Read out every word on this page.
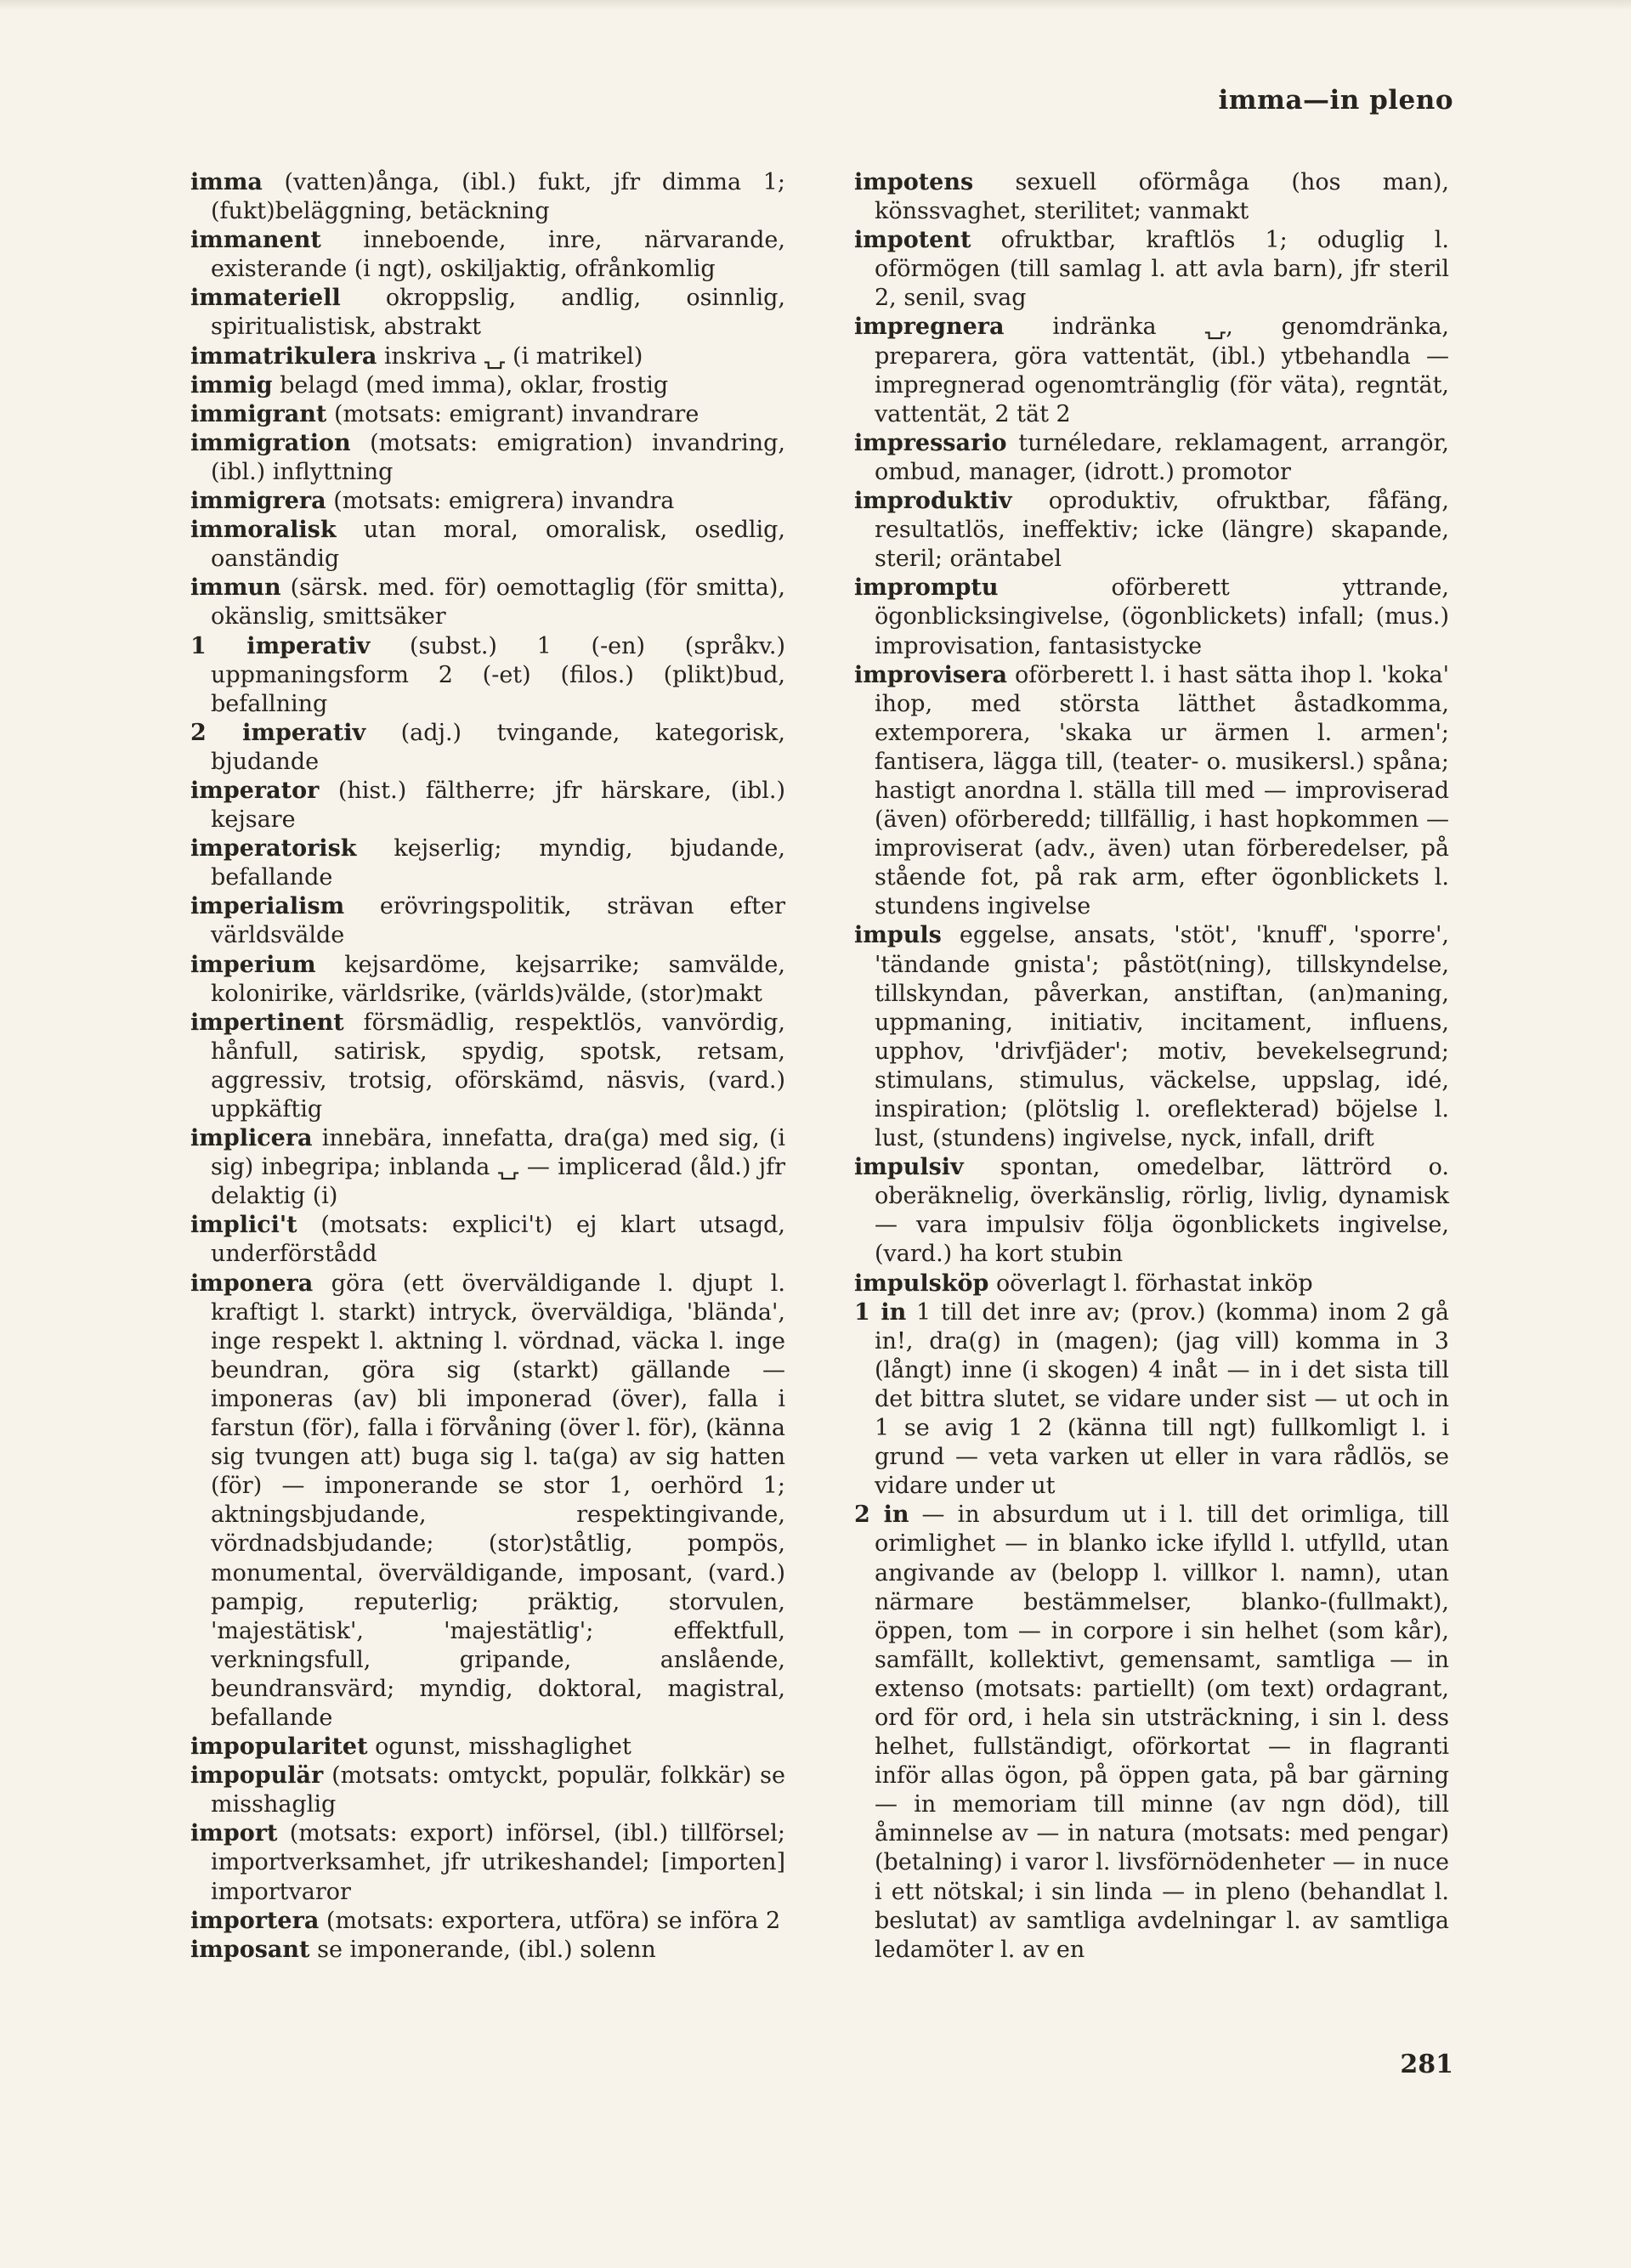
imma—in pleno

imma (vatten)ånga, (ibl.) fukt, jfr dimma 1; (fukt)beläggning, betäckning

immanent inneboende, inre, närvarande, existerande (i ngt), oskiljaktig, ofrånkomlig

immateriell okroppslig, andlig, osinnlig, spiritualistisk, abstrakt

immatrikulera inskriva ⍽ (i matrikel)

immig belagd (med imma), oklar, frostig

immigrant (motsats: emigrant) invandrare

immigration (motsats: emigration) invandring, (ibl.) inflyttning

immigrera (motsats: emigrera) invandra

immoralisk utan moral, omoralisk, osedlig, oanständig

immun (särsk. med. för) oemottaglig (för smitta), okänslig, smittsäker

1 imperativ (subst.) 1 (-en) (språkv.) uppmaningsform 2 (-et) (filos.) (plikt)bud, befallning

2 imperativ (adj.) tvingande, kategorisk, bjudande

imperator (hist.) fältherre; jfr härskare, (ibl.) kejsare

imperatorisk kejserlig; myndig, bjudande, befallande

imperialism erövringspolitik, strävan efter världsvälde

imperium kejsardöme, kejsarrike; samvälde, kolonirike, världsrike, (världs)välde, (stor)makt

impertinent försmädlig, respektlös, vanvördig, hånfull, satirisk, spydig, spotsk, retsam, aggressiv, trotsig, oförskämd, näsvis, (vard.) uppkäftig

implicera innebära, innefatta, dra(ga) med sig, (i sig) inbegripa; inblanda ⍽ — implicerad (åld.) jfr delaktig (i)

implici't (motsats: explici't) ej klart utsagd, underförstådd

imponera göra (ett överväldigande l. djupt l. kraftigt l. starkt) intryck, överväldiga, 'blända', inge respekt l. aktning l. vördnad, väcka l. inge beundran, göra sig (starkt) gällande — imponeras (av) bli imponerad (över), falla i farstun (för), falla i förvåning (över l. för), (känna sig tvungen att) buga sig l. ta(ga) av sig hatten (för) — imponerande se stor 1, oerhörd 1; aktningsbjudande, respektingivande, vördnadsbjudande; (stor)ståtlig, pompös, monumental, överväldigande, imposant, (vard.) pampig, reputerlig; präktig, storvulen, 'majestätisk', 'majestätlig'; effektfull, verkningsfull, gripande, anslående, beundransvärd; myndig, doktoral, magistral, befallande

impopularitet ogunst, misshaglighet

impopulär (motsats: omtyckt, populär, folkkär) se misshaglig

import (motsats: export) införsel, (ibl.) tillförsel; importverksamhet, jfr utrikeshandel; [importen] importvaror

importera (motsats: exportera, utföra) se införa 2

imposant se imponerande, (ibl.) solenn

impotens sexuell oförmåga (hos man), könssvaghet, sterilitet; vanmakt

impotent ofruktbar, kraftlös 1; oduglig l. oförmögen (till samlag l. att avla barn), jfr steril 2, senil, svag

impregnera indränka ⍽, genomdränka, preparera, göra vattentät, (ibl.) ytbehandla — impregnerad ogenomtränglig (för väta), regntät, vattentät, 2 tät 2

impressario turnéledare, reklamagent, arrangör, ombud, manager, (idrott.) promotor

improduktiv oproduktiv, ofruktbar, fåfäng, resultatlös, ineffektiv; icke (längre) skapande, steril; oräntabel

impromptu oförberett yttrande, ögonblicksingivelse, (ögonblickets) infall; (mus.) improvisation, fantasistycke

improvisera oförberett l. i hast sätta ihop l. 'koka' ihop, med största lätthet åstadkomma, extemporera, 'skaka ur ärmen l. armen'; fantisera, lägga till, (teater- o. musikersl.) spåna; hastigt anordna l. ställa till med — improviserad (även) oförberedd; tillfällig, i hast hopkommen — improviserat (adv., även) utan förberedelser, på stående fot, på rak arm, efter ögonblickets l. stundens ingivelse

impuls eggelse, ansats, 'stöt', 'knuff', 'sporre', 'tändande gnista'; påstöt(ning), tillskyndelse, tillskyndan, påverkan, anstiftan, (an)maning, uppmaning, initiativ, incitament, influens, upphov, 'drivfjäder'; motiv, bevekelsegrund; stimulans, stimulus, väckelse, uppslag, idé, inspiration; (plötslig l. oreflekterad) böjelse l. lust, (stundens) ingivelse, nyck, infall, drift

impulsiv spontan, omedelbar, lättrörd o. oberäknelig, överkänslig, rörlig, livlig, dynamisk — vara impulsiv följa ögonblickets ingivelse, (vard.) ha kort stubin

impulsköp oöverlagt l. förhastat inköp

1 in 1 till det inre av; (prov.) (komma) inom 2 gå in!, dra(g) in (magen); (jag vill) komma in 3 (långt) inne (i skogen) 4 inåt — in i det sista till det bittra slutet, se vidare under sist — ut och in 1 se avig 1 2 (känna till ngt) fullkomligt l. i grund — veta varken ut eller in vara rådlös, se vidare under ut

2 in — in absurdum ut i l. till det orimliga, till orimlighet — in blanko icke ifylld l. utfylld, utan angivande av (belopp l. villkor l. namn), utan närmare bestämmelser, blanko-(fullmakt), öppen, tom — in corpore i sin helhet (som kår), samfällt, kollektivt, gemensamt, samtliga — in extenso (motsats: partiellt) (om text) ordagrant, ord för ord, i hela sin utsträckning, i sin l. dess helhet, fullständigt, oförkortat — in flagranti inför allas ögon, på öppen gata, på bar gärning — in memoriam till minne (av ngn död), till åminnelse av — in natura (motsats: med pengar) (betalning) i varor l. livsförnödenheter — in nuce i ett nötskal; i sin linda — in pleno (behandlat l. beslutat) av samtliga avdelningar l. av samtliga ledamöter l. av en

281
